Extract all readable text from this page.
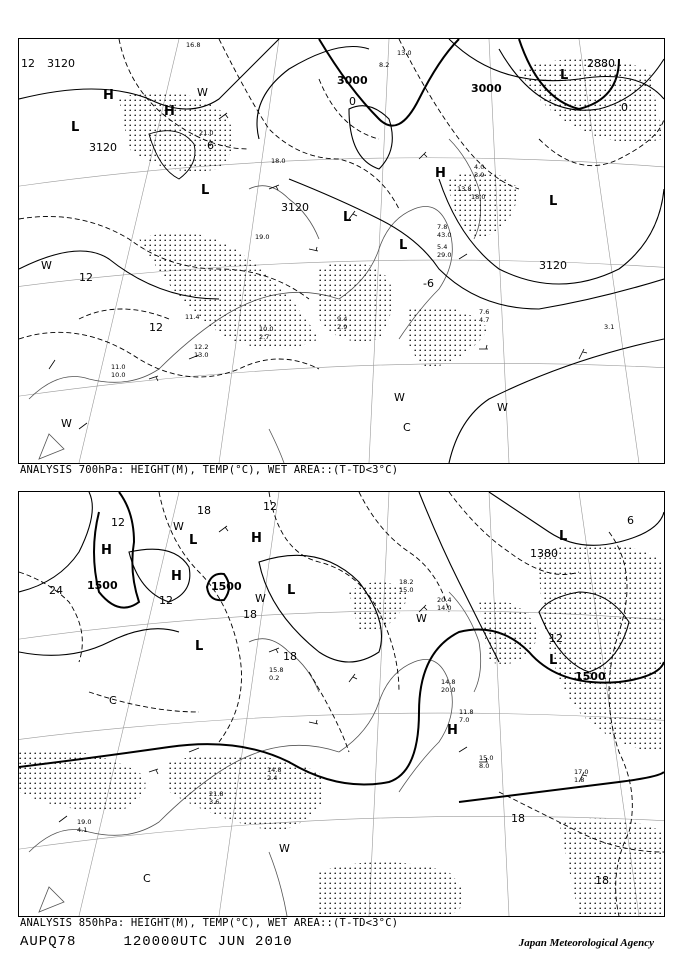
3120
3120
3120
3000
3000
2880
3120
H
H
H
L
L
L
L
L
L
W
W
W
W
W
C
12
12
12
6
0	0
-6
16.8
21.0
18.0
19.0
13.0
8.2
3.1
7.6
4.7
11.4
2.9
9.4
10.0
2.7
12.2
13.0
11.0
10.0
7.8
43.0
5.4
29.0
4.0
3.9
13.8
18.0
ANALYSIS 700hPa: HEIGHT(M), TEMP(°C), WET AREA::(T-TD<3°C)
1500	1500
1500
1380
H
H
H
H
L
L
L
L
L
W
W
W
W
C
C
24
18
18
18
18
18
12
12
12
12
6
15.0
8.0
17.0
1.8
19.0
4.1
21.8
3.6
14.8
2.4
15.8
0.2
18.2
15.0
20.4
14.0
14.8
20.0
11.8
7.0
ANALYSIS 850hPa: HEIGHT(M), TEMP(°C), WET AREA::(T-TD<3°C)
AUPQ78	120000UTC JUN 2010	Japan Meteorological Agency
